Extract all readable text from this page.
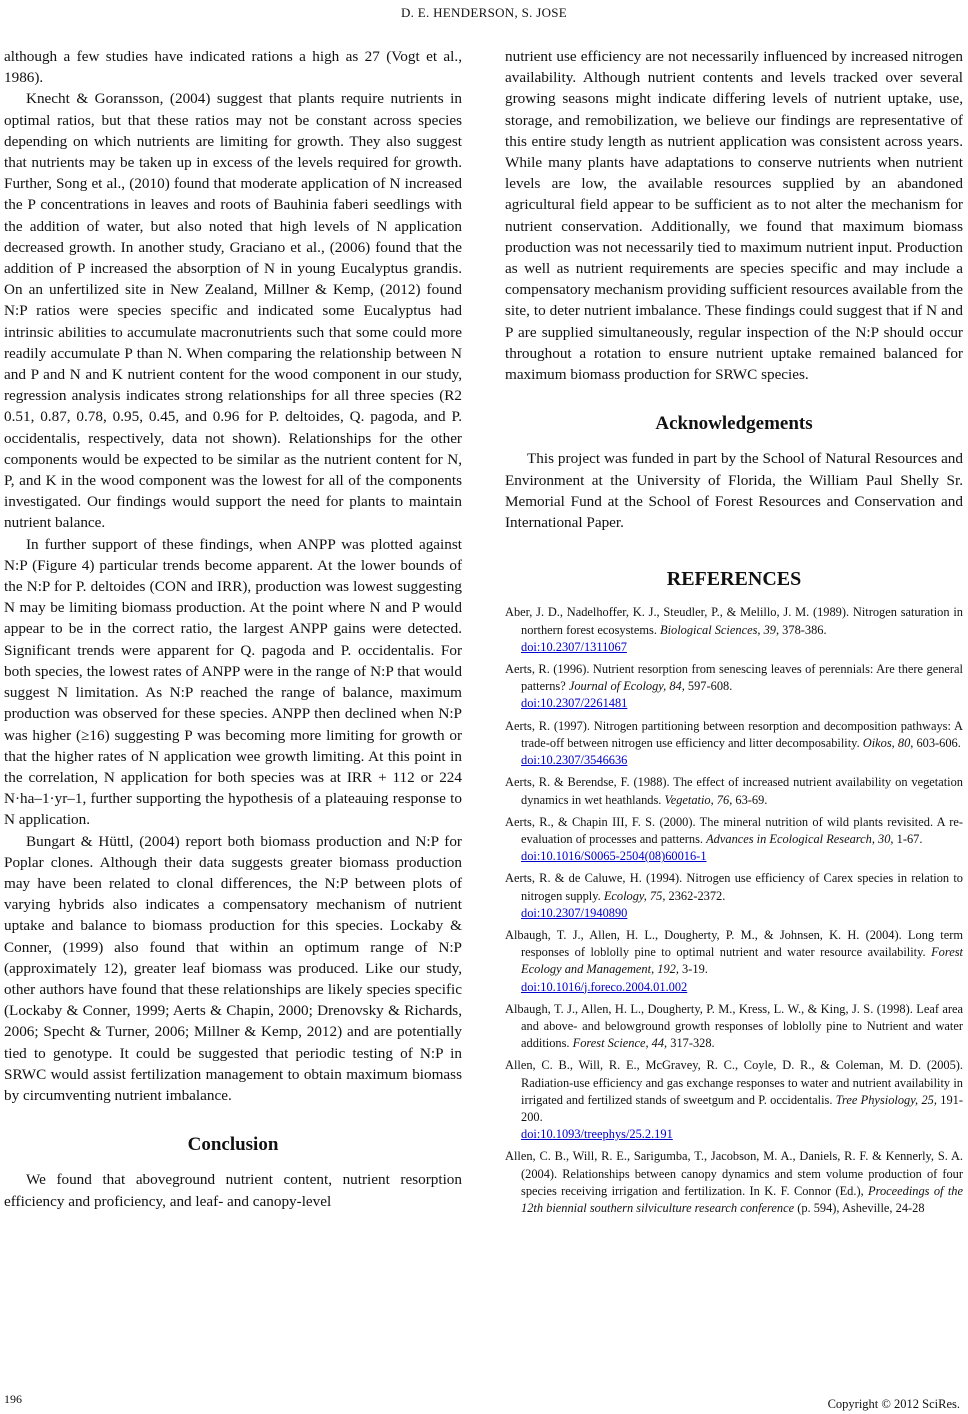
D. E. HENDERSON, S. JOSE

although a few studies have indicated rations a high as 27 (Vogt et al., 1986).

Knecht & Goransson, (2004) suggest that plants require nutrients in optimal ratios, but that these ratios may not be constant across species depending on which nutrients are limiting for growth. They also suggest that nutrients may be taken up in excess of the levels required for growth. Further, Song et al., (2010) found that moderate application of N increased the P concentrations in leaves and roots of Bauhinia faberi seedlings with the addition of water, but also noted that high levels of N application decreased growth. In another study, Graciano et al., (2006) found that the addition of P increased the absorption of N in young Eucalyptus grandis. On an unfertilized site in New Zealand, Millner & Kemp, (2012) found N:P ratios were species specific and indicated some Eucalyptus had intrinsic abilities to accumulate macronutrients such that some could more readily accumulate P than N. When comparing the relationship between N and P and N and K nutrient content for the wood component in our study, regression analysis indicates strong relationships for all three species (R2 0.51, 0.87, 0.78, 0.95, 0.45, and 0.96 for P. deltoides, Q. pagoda, and P. occidentalis, respectively, data not shown). Relationships for the other components would be expected to be similar as the nutrient content for N, P, and K in the wood component was the lowest for all of the components investigated. Our findings would support the need for plants to maintain nutrient balance.

In further support of these findings, when ANPP was plotted against N:P (Figure 4) particular trends become apparent. At the lower bounds of the N:P for P. deltoides (CON and IRR), production was lowest suggesting N may be limiting biomass production. At the point where N and P would appear to be in the correct ratio, the largest ANPP gains were detected. Significant trends were apparent for Q. pagoda and P. occidentalis. For both species, the lowest rates of ANPP were in the range of N:P that would suggest N limitation. As N:P reached the range of balance, maximum production was observed for these species. ANPP then declined when N:P was higher (≥16) suggesting P was becoming more limiting for growth or that the higher rates of N application wee growth limiting. At this point in the correlation, N application for both species was at IRR + 112 or 224 N·ha–1·yr–1, further supporting the hypothesis of a plateauing response to N application.

Bungart & Hüttl, (2004) report both biomass production and N:P for Poplar clones. Although their data suggests greater biomass production may have been related to clonal differences, the N:P between plots of varying hybrids also indicates a compensatory mechanism of nutrient uptake and balance to biomass production for this species. Lockaby & Conner, (1999) also found that within an optimum range of N:P (approximately 12), greater leaf biomass was produced. Like our study, other authors have found that these relationships are likely species specific (Lockaby & Conner, 1999; Aerts & Chapin, 2000; Drenovsky & Richards, 2006; Specht & Turner, 2006; Millner & Kemp, 2012) and are potentially tied to genotype. It could be suggested that periodic testing of N:P in SRWC would assist fertilization management to obtain maximum biomass by circumventing nutrient imbalance.

Conclusion

We found that aboveground nutrient content, nutrient resorption efficiency and proficiency, and leaf- and canopy-level

nutrient use efficiency are not necessarily influenced by increased nitrogen availability. Although nutrient contents and levels tracked over several growing seasons might indicate differing levels of nutrient uptake, use, storage, and remobilization, we believe our findings are representative of this entire study length as nutrient application was consistent across years. While many plants have adaptations to conserve nutrients when nutrient levels are low, the available resources supplied by an abandoned agricultural field appear to be sufficient as to not alter the mechanism for nutrient conservation. Additionally, we found that maximum biomass production was not necessarily tied to maximum nutrient input. Production as well as nutrient requirements are species specific and may include a compensatory mechanism providing sufficient resources available from the site, to deter nutrient imbalance. These findings could suggest that if N and P are supplied simultaneously, regular inspection of the N:P should occur throughout a rotation to ensure nutrient uptake remained balanced for maximum biomass production for SRWC species.

Acknowledgements

This project was funded in part by the School of Natural Resources and Environment at the University of Florida, the William Paul Shelly Sr. Memorial Fund at the School of Forest Resources and Conservation and International Paper.

REFERENCES
Aber, J. D., Nadelhoffer, K. J., Steudler, P., & Melillo, J. M. (1989). Nitrogen saturation in northern forest ecosystems. Biological Sciences, 39, 378-386.
doi:10.2307/1311067
Aerts, R. (1996). Nutrient resorption from senescing leaves of perennials: Are there general patterns? Journal of Ecology, 84, 597-608.
doi:10.2307/2261481
Aerts, R. (1997). Nitrogen partitioning between resorption and decomposition pathways: A trade-off between nitrogen use efficiency and litter decomposability. Oikos, 80, 603-606.
doi:10.2307/3546636
Aerts, R. & Berendse, F. (1988). The effect of increased nutrient availability on vegetation dynamics in wet heathlands. Vegetatio, 76, 63-69.
Aerts, R., & Chapin III, F. S. (2000). The mineral nutrition of wild plants revisited. A re-evaluation of processes and patterns. Advances in Ecological Research, 30, 1-67.
doi:10.1016/S0065-2504(08)60016-1
Aerts, R. & de Caluwe, H. (1994). Nitrogen use efficiency of Carex species in relation to nitrogen supply. Ecology, 75, 2362-2372.
doi:10.2307/1940890
Albaugh, T. J., Allen, H. L., Dougherty, P. M., & Johnsen, K. H. (2004). Long term responses of loblolly pine to optimal nutrient and water resource availability. Forest Ecology and Management, 192, 3-19.
doi:10.1016/j.foreco.2004.01.002
Albaugh, T. J., Allen, H. L., Dougherty, P. M., Kress, L. W., & King, J. S. (1998). Leaf area and above- and belowground growth responses of loblolly pine to Nutrient and water additions. Forest Science, 44, 317-328.
Allen, C. B., Will, R. E., McGravey, R. C., Coyle, D. R., & Coleman, M. D. (2005). Radiation-use efficiency and gas exchange responses to water and nutrient availability in irrigated and fertilized stands of sweetgum and P. occidentalis. Tree Physiology, 25, 191-200.
doi:10.1093/treephys/25.2.191
Allen, C. B., Will, R. E., Sarigumba, T., Jacobson, M. A., Daniels, R. F. & Kennerly, S. A. (2004). Relationships between canopy dynamics and stem volume production of four species receiving irrigation and fertilization. In K. F. Connor (Ed.), Proceedings of the 12th biennial southern silviculture research conference (p. 594), Asheville, 24-28
196	Copyright © 2012 SciRes.
